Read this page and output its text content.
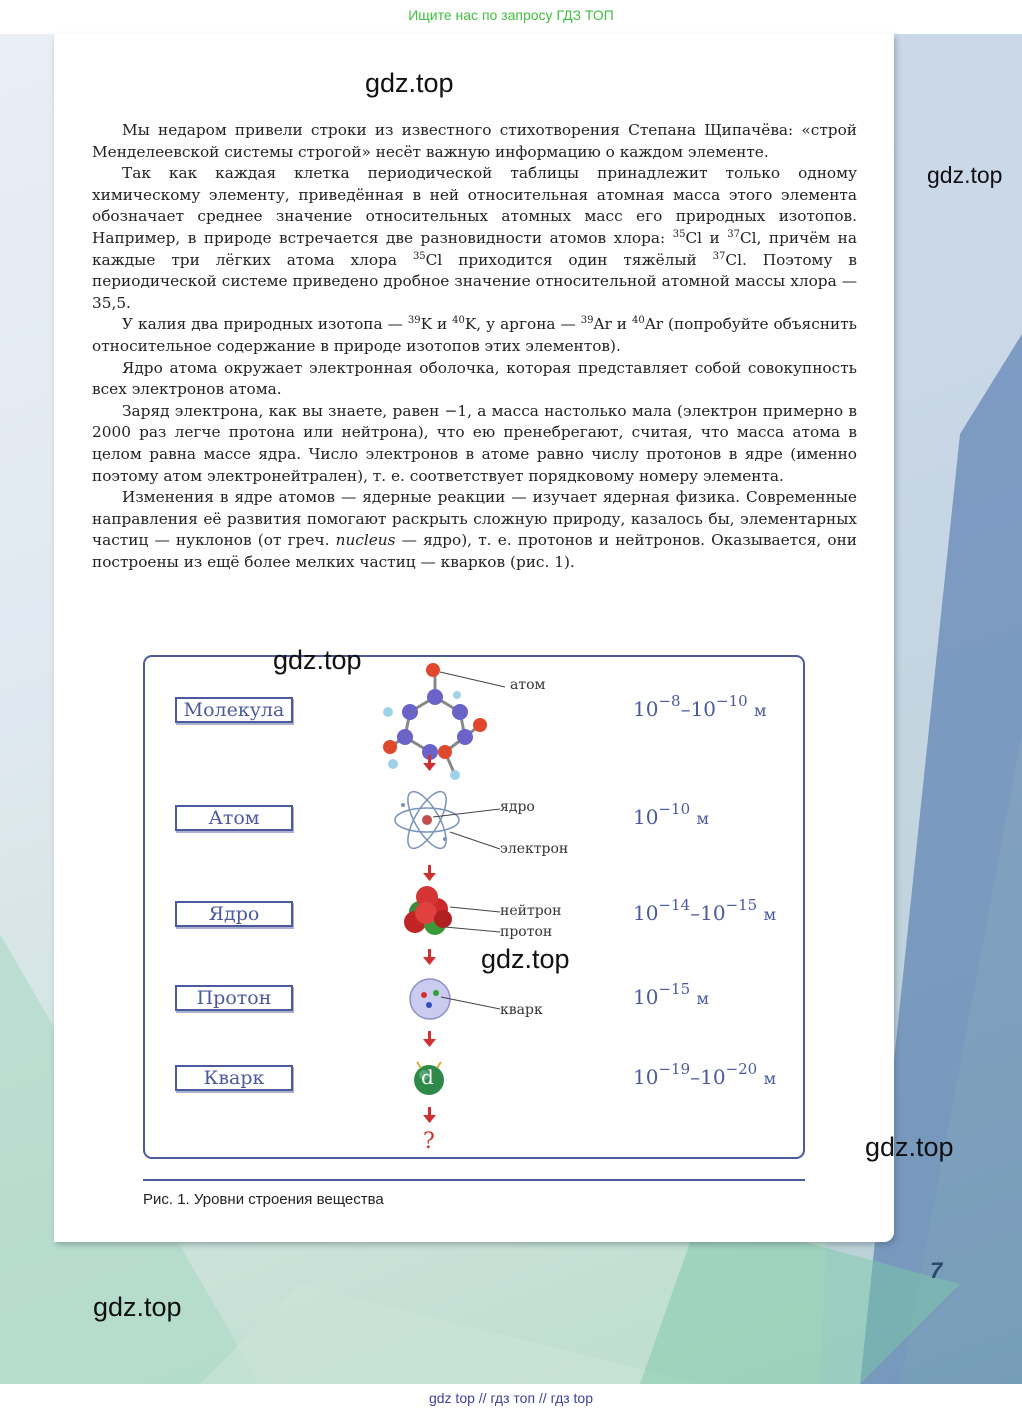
Ищите нас по запросу ГДЗ ТОП
gdz.top
gdz.top

Мы недаром привели строки из известного стихотворения Степана Щипачёва: «строй Менделеевской системы строгой» несёт важную информацию о каждом элементе.

Так как каждая клетка периодической таблицы принадлежит только одному химическому элементу, приведённая в ней относительная атомная масса этого элемента обозначает среднее значение относительных атомных масс его природных изотопов. Например, в природе встречается две разновидности атомов хлора: $^{35}$Cl и $^{37}$Cl, причём на каждые три лёгких атома хлора $^{35}$Cl приходится один тяжёлый $^{37}$Cl. Поэтому в периодической системе приведено дробное значение относительной атомной массы хлора — 35,5.

У калия два природных изотопа — $^{39}$K и $^{40}$K, у аргона — $^{39}$Ar и $^{40}$Ar (попробуйте объяснить относительное содержание в природе изотопов этих элементов).

Ядро атома окружает электронная оболочка, которая представляет собой совокупность всех электронов атома.

Заряд электрона, как вы знаете, равен −1, а масса настолько мала (электрон примерно в 2000 раз легче протона или нейтрона), что ею пренебрегают, считая, что масса атома в целом равна массе ядра. Число электронов в атоме равно числу протонов в ядре (именно поэтому атом электронейтрален), т. е. соответствует порядковому номеру элемента.

Изменения в ядре атомов — ядерные реакции — изучает ядерная физика. Современные направления её развития помогают раскрыть сложную природу, казалось бы, элементарных частиц — нуклонов (от греч. nucleus — ядро), т. е. протонов и нейтронов. Оказывается, они построены из ещё более мелких частиц — кварков (рис. 1).

Молекула
Атом
Ядро
Протон
Кварк
атом
ядро
электрон
нейтрон
протон
кварк
d
?
$10^{-8}-10^{-10}$ м
$10^{-10}$ м
$10^{-14}-10^{-15}$ м
$10^{-15}$ м
$10^{-19}-10^{-20}$ м
gdz.top
gdz.top
Рис. 1. Уровни строения вещества
gdz.top
7
gdz.top
gdz top // гдз топ // гдз top
